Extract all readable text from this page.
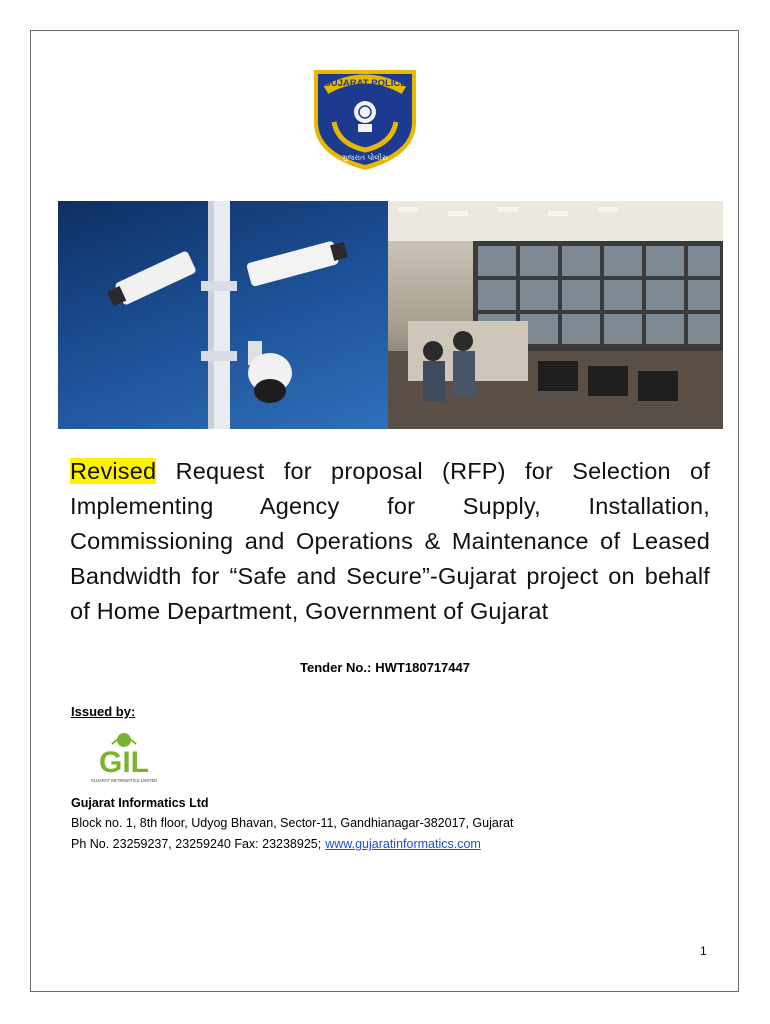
GUJARAT POLICE
ગુજરાત પોલીસ
Revised Request for proposal (RFP) for Selection of Implementing Agency for Supply, Installation, Commissioning and Operations & Maintenance of Leased Bandwidth for “Safe and Secure”-Gujarat project on behalf of Home Department, Government of Gujarat
Tender No.: HWT180717447
Issued by:
GIL
GUJARAT INFORMATICS LIMITED
Gujarat Informatics Ltd
Block no. 1, 8th floor, Udyog Bhavan, Sector-11, Gandhianagar-382017, Gujarat
Ph No. 23259237, 23259240 Fax: 23238925; www.gujaratinformatics.com
1
